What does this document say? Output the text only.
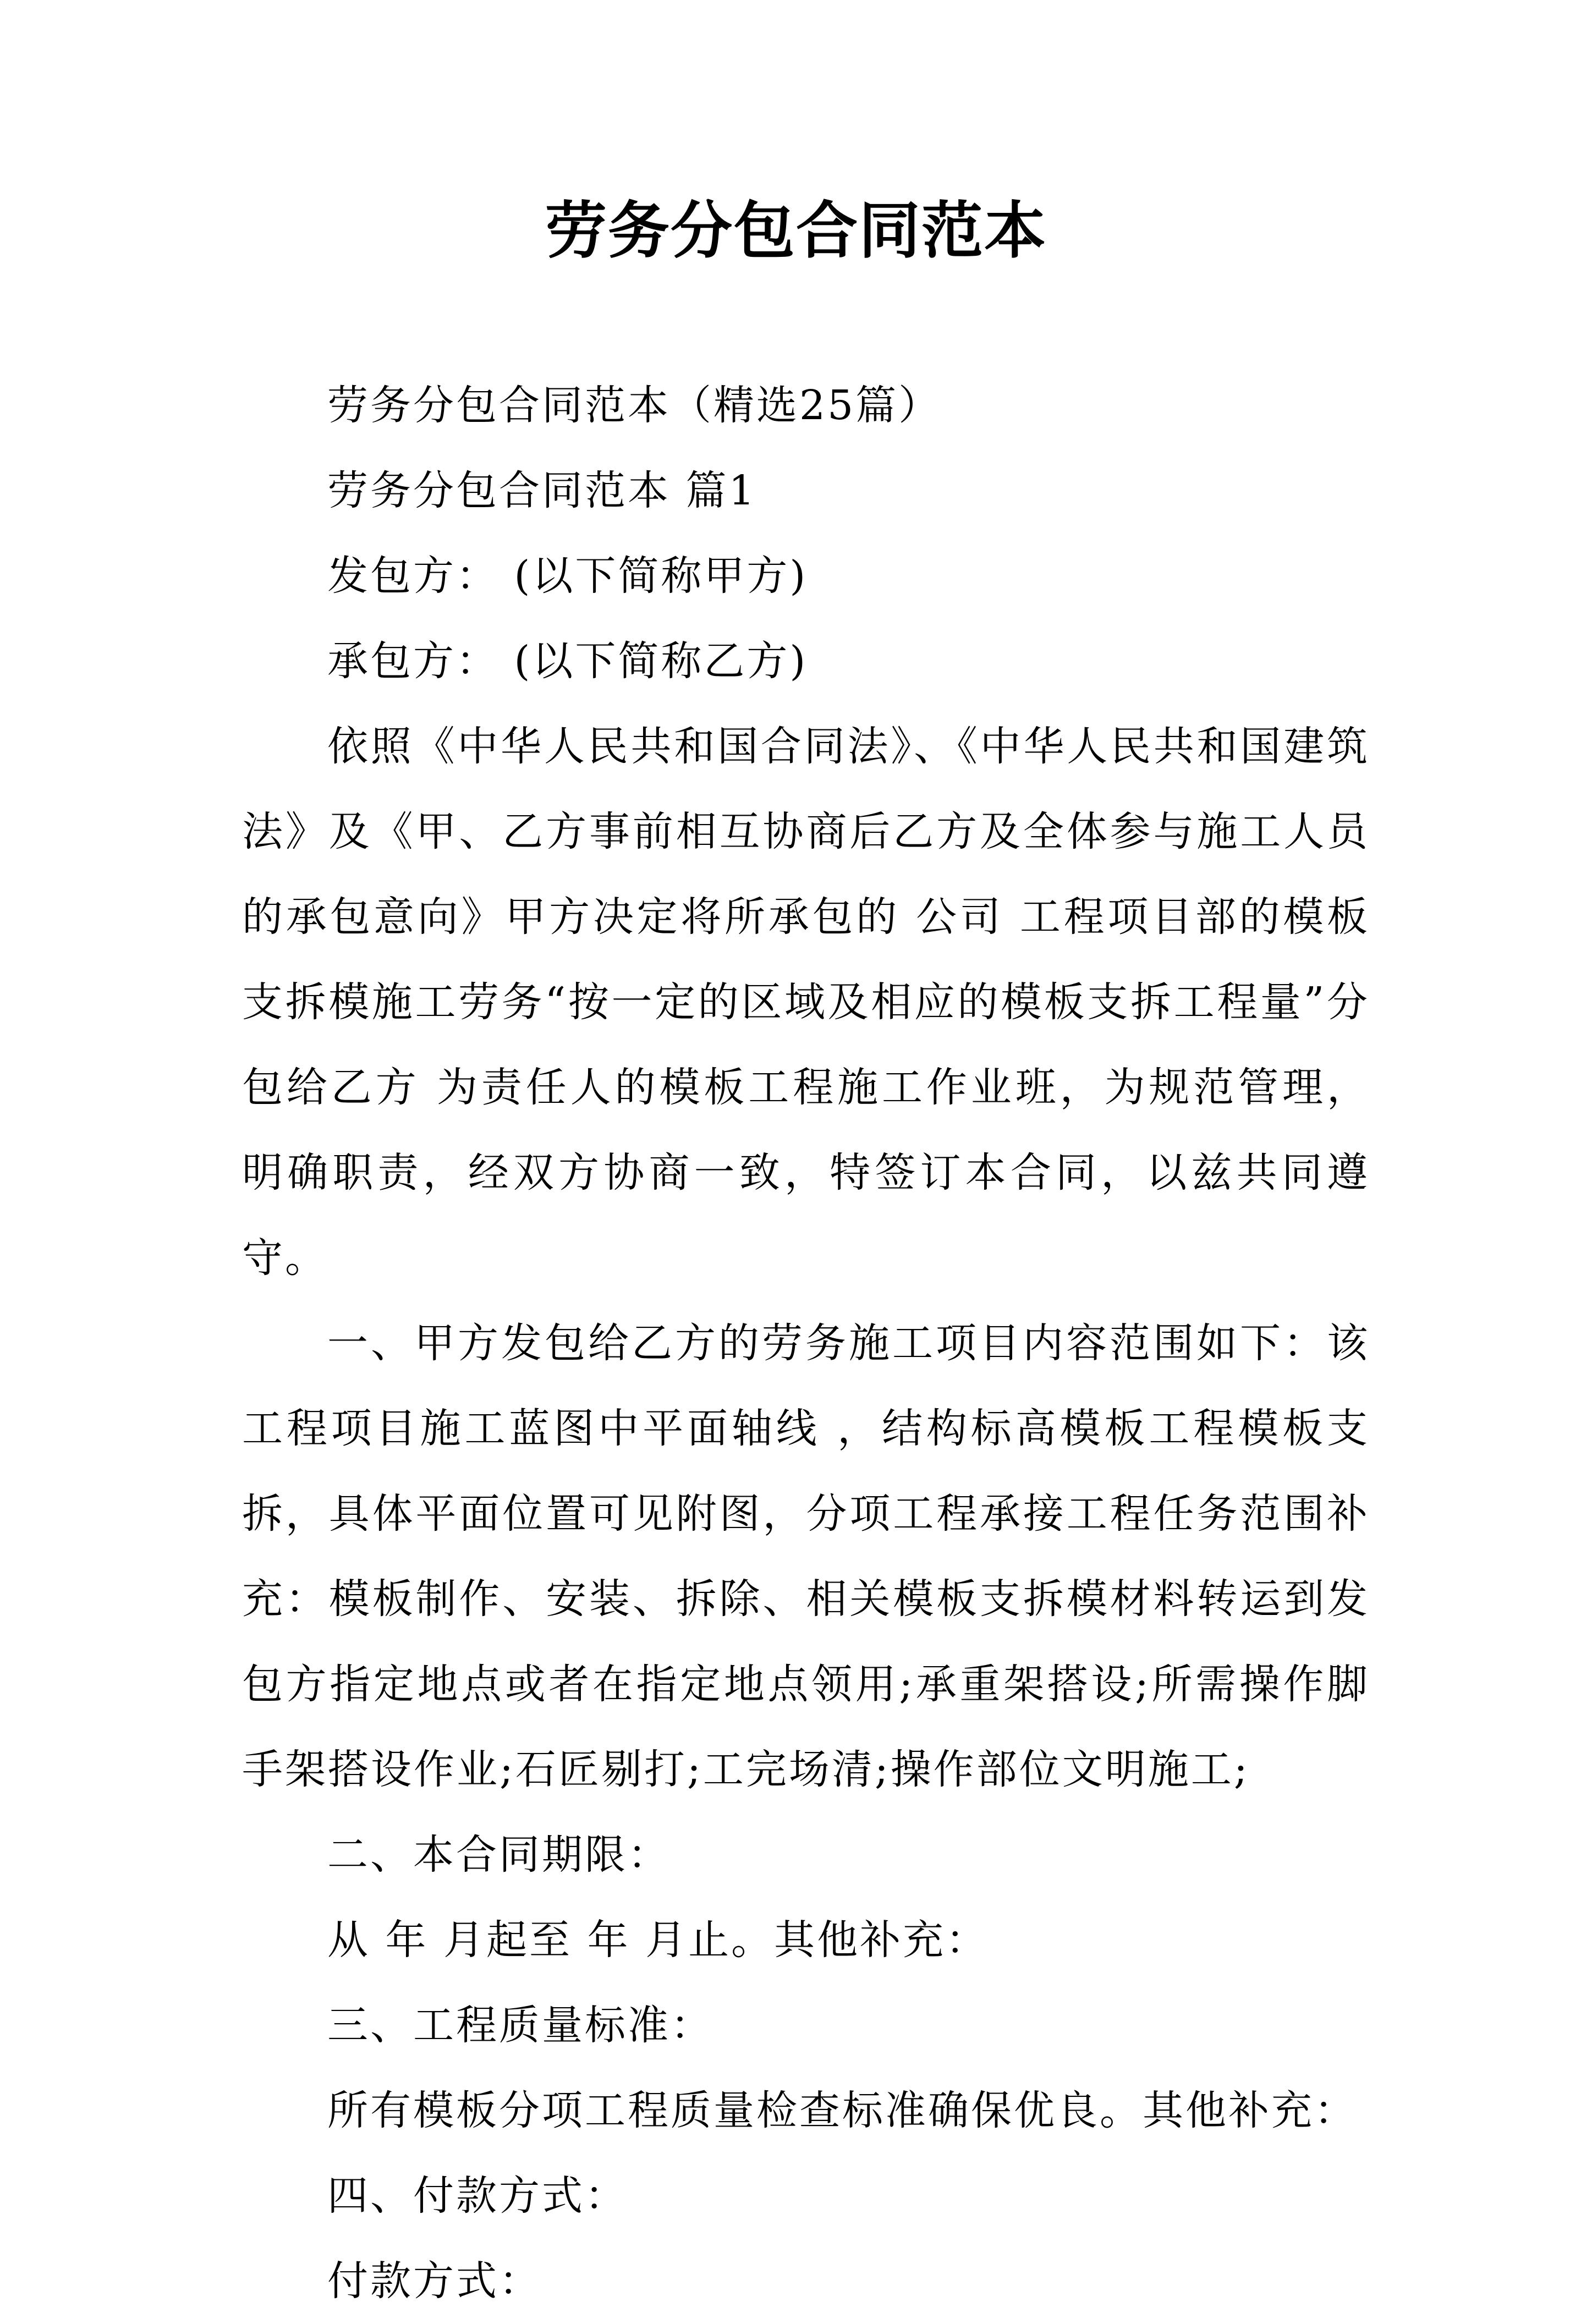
劳务分包合同范本

劳务分包合同范本（精选25篇）

劳务分包合同范本 篇1

发包方： (以下简称甲方)

承包方： (以下简称乙方)

依照《中华人民共和国合同法》、《中华人民共和国建筑法》及《甲、乙方事前相互协商后乙方及全体参与施工人员的承包意向》甲方决定将所承包的 公司 工程项目部的模板支拆模施工劳务“按一定的区域及相应的模板支拆工程量”分包给乙方 为责任人的模板工程施工作业班，为规范管理，明确职责，经双方协商一致，特签订本合同，以兹共同遵守。

一、甲方发包给乙方的劳务施工项目内容范围如下：该工程项目施工蓝图中平面轴线 ，结构标高模板工程模板支拆，具体平面位置可见附图，分项工程承接工程任务范围补充：模板制作、安装、拆除、相关模板支拆模材料转运到发包方指定地点或者在指定地点领用;承重架搭设;所需操作脚手架搭设作业;石匠剔打;工完场清;操作部位文明施工;

二、本合同期限：

从 年 月起至 年 月止。其他补充：

三、工程质量标准：

所有模板分项工程质量检查标准确保优良。其他补充：

四、付款方式：

付款方式：
